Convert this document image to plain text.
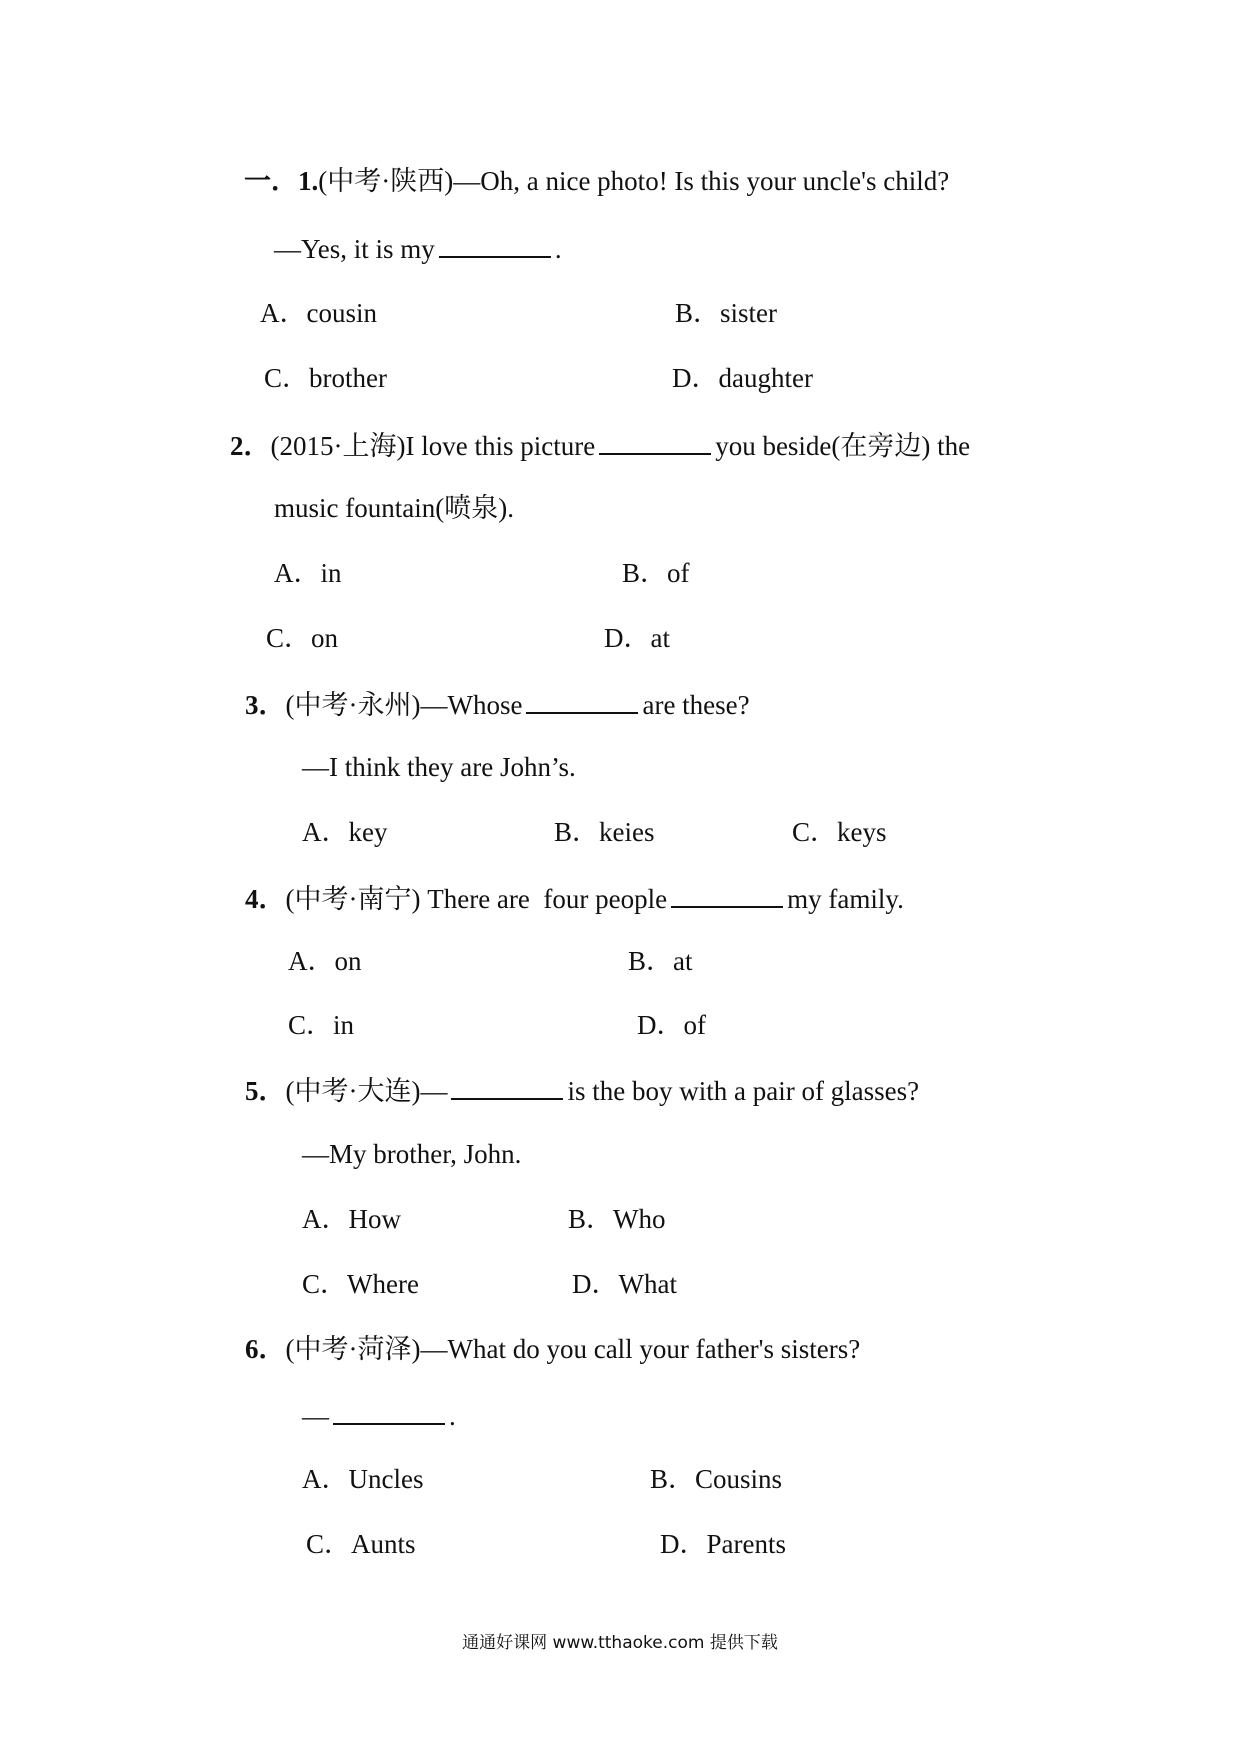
一．1.(中考·陕西)—Oh, a nice photo! Is this your uncle's child?
—Yes, it is my	.
A．cousin	B．sister
C．brother	D．daughter
2．(2015·上海)I love this picture	you beside(在旁边) the
music fountain(喷泉).
A．in	B．of
C．on	D．at
3．(中考·永州)—Whose	are these?
—I think they are John’s.
A．key	B．keies	C．keys
4．(中考·南宁) There are  four people	my family.
A．on	B．at
C．in	D．of
5．(中考·大连)—	is the boy with a pair of glasses?
—My brother, John.
A．How	B．Who
C．Where	D．What
6．(中考·菏泽)—What do you call your father's sisters?
—	.
A．Uncles	B．Cousins
C．Aunts	D．Parents
通通好课网 www.tthaoke.com 提供下载
